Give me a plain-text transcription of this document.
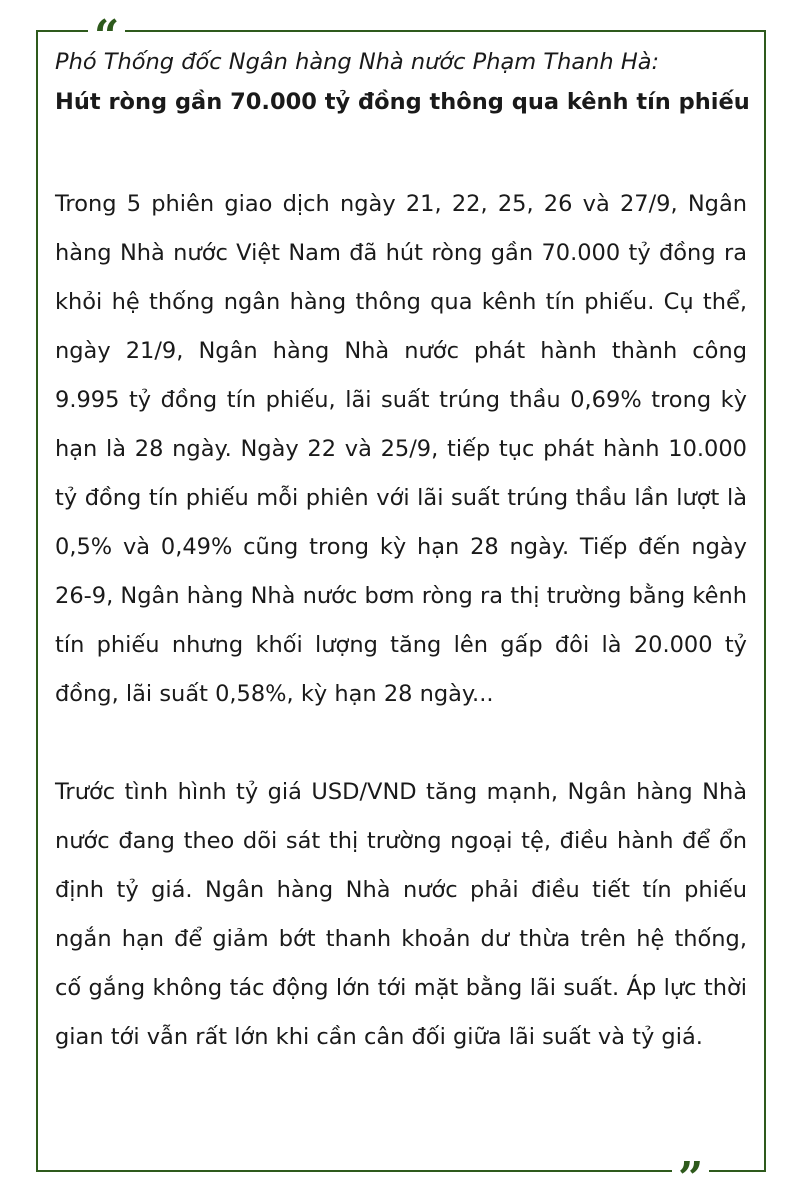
“
”

Phó Thống đốc Ngân hàng Nhà nước Phạm Thanh Hà:

Hút ròng gần 70.000 tỷ đồng thông qua kênh tín phiếu

Trong 5 phiên giao dịch ngày 21, 22, 25, 26 và 27/9, Ngân hàng Nhà nước Việt Nam đã hút ròng gần 70.000 tỷ đồng ra khỏi hệ thống ngân hàng thông qua kênh tín phiếu. Cụ thể, ngày 21/9, Ngân hàng Nhà nước phát hành thành công 9.995 tỷ đồng tín phiếu, lãi suất trúng thầu 0,69% trong kỳ hạn là 28 ngày. Ngày 22 và 25/9, tiếp tục phát hành 10.000 tỷ đồng tín phiếu mỗi phiên với lãi suất trúng thầu lần lượt là 0,5% và 0,49% cũng trong kỳ hạn 28 ngày. Tiếp đến ngày 26-9, Ngân hàng Nhà nước bơm ròng ra thị trường bằng kênh tín phiếu nhưng khối lượng tăng lên gấp đôi là 20.000 tỷ đồng, lãi suất 0,58%, kỳ hạn 28 ngày...

Trước tình hình tỷ giá USD/VND tăng mạnh, Ngân hàng Nhà nước đang theo dõi sát thị trường ngoại tệ, điều hành để ổn định tỷ giá. Ngân hàng Nhà nước phải điều tiết tín phiếu ngắn hạn để giảm bớt thanh khoản dư thừa trên hệ thống, cố gắng không tác động lớn tới mặt bằng lãi suất. Áp lực thời gian tới vẫn rất lớn khi cần cân đối giữa lãi suất và tỷ giá.
